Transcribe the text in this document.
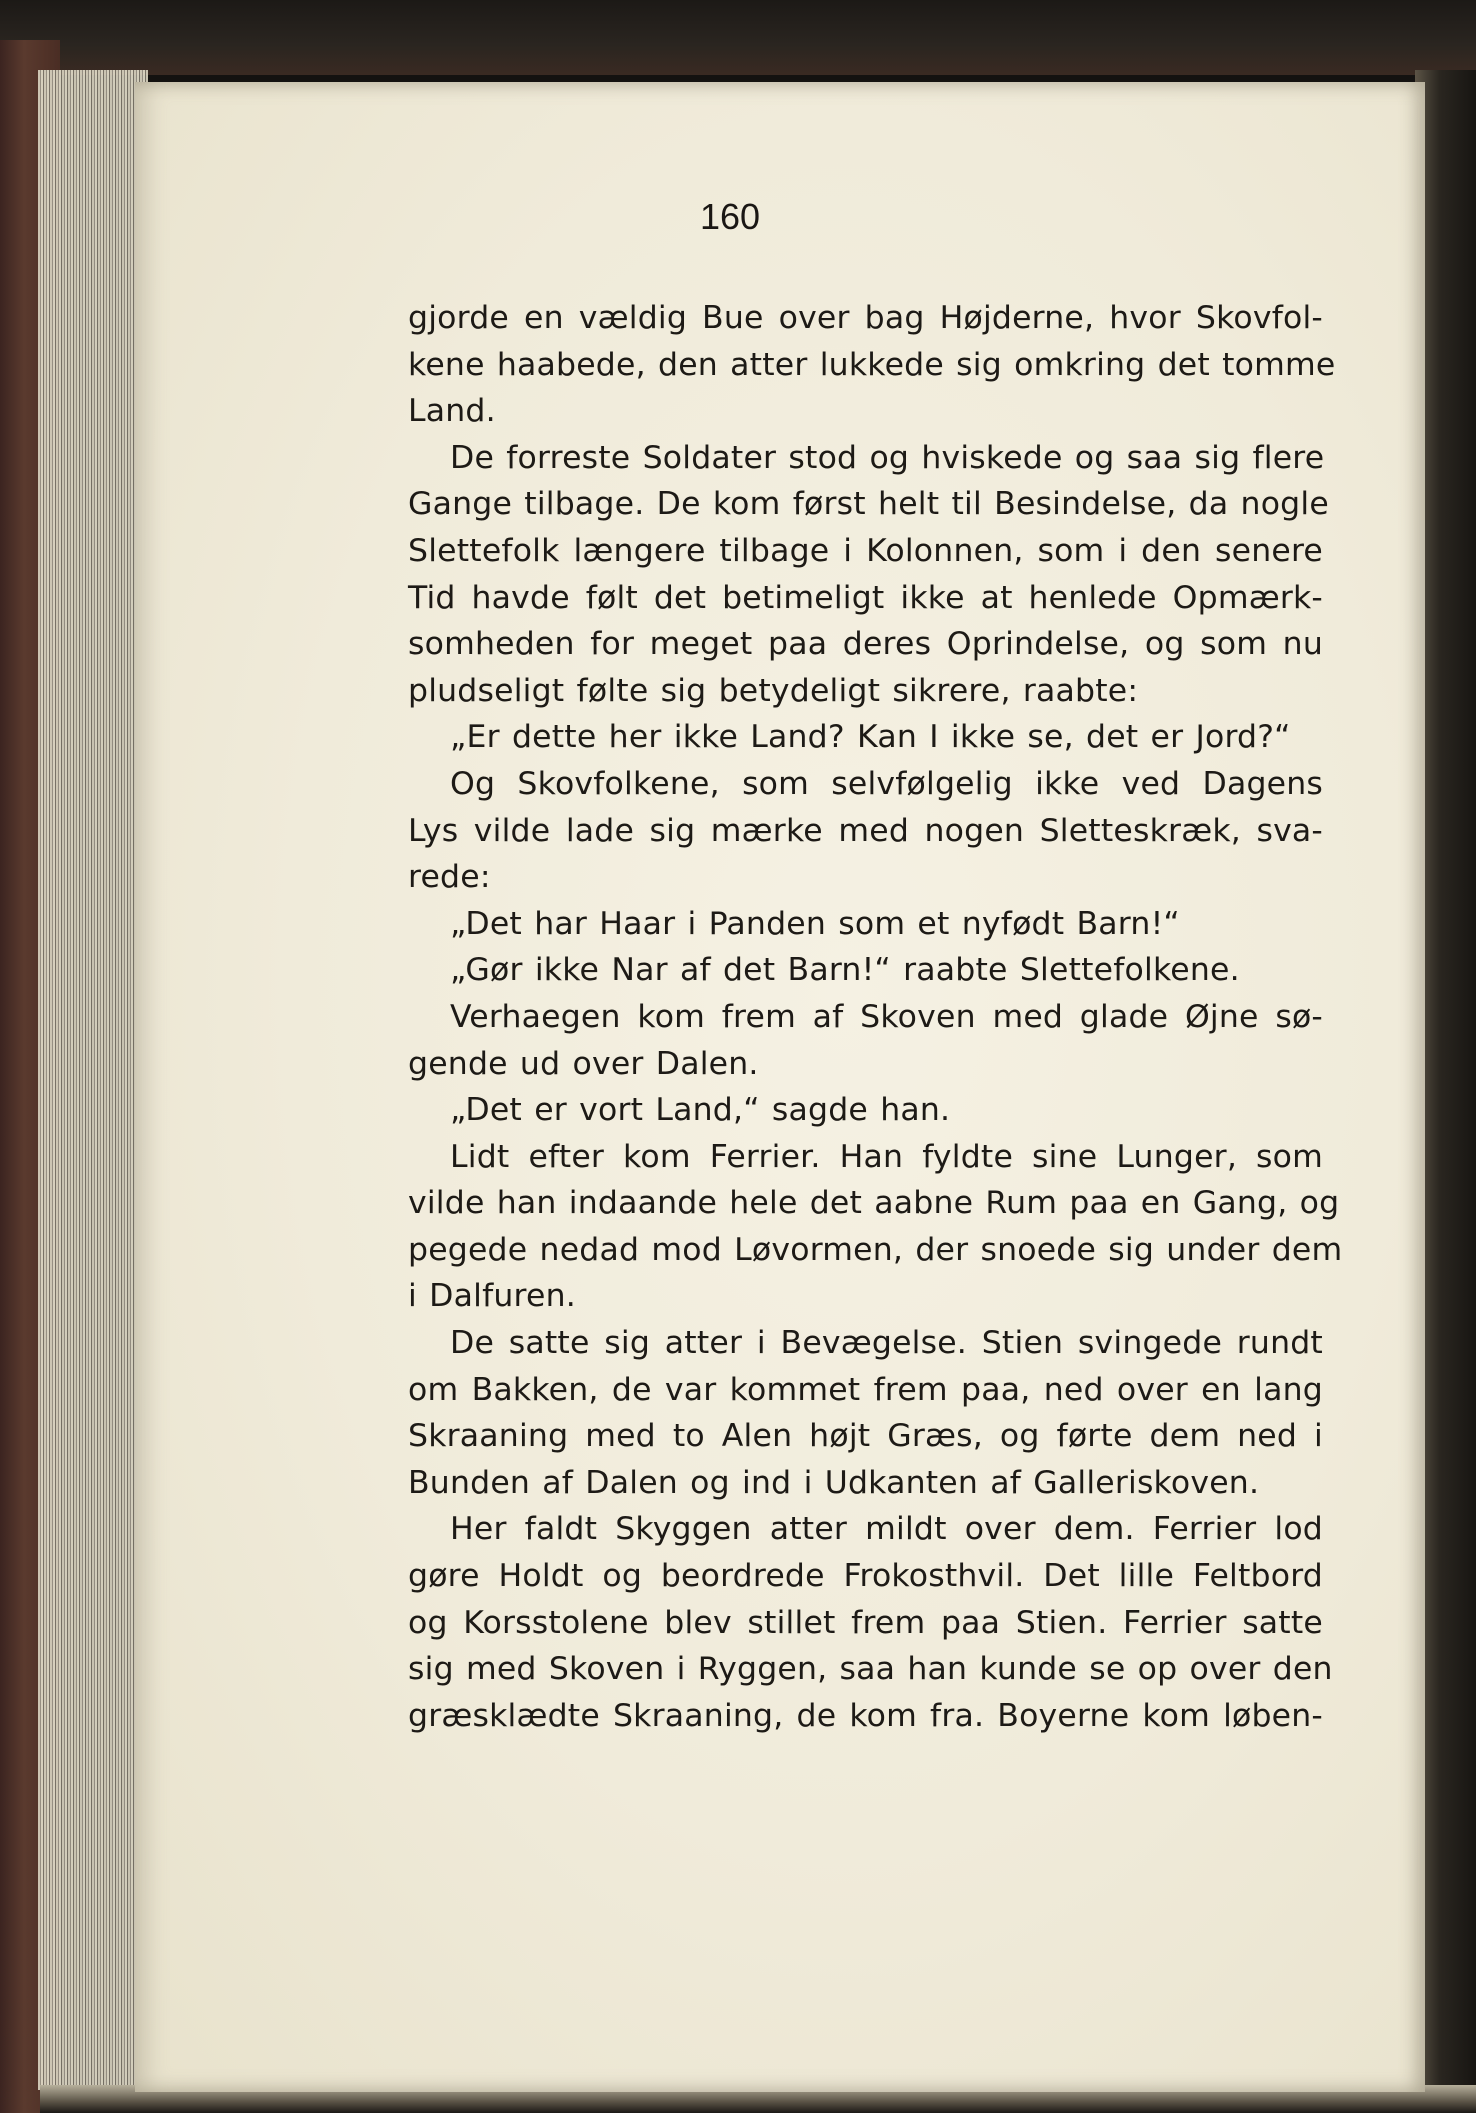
160
gjorde en vældig Bue over bag Højderne, hvor Skovfol-
kene haabede, den atter lukkede sig omkring det tomme
Land.
De forreste Soldater stod og hviskede og saa sig flere
Gange tilbage. De kom først helt til Besindelse, da nogle
Slettefolk længere tilbage i Kolonnen, som i den senere
Tid havde følt det betimeligt ikke at henlede Opmærk-
somheden for meget paa deres Oprindelse, og som nu
pludseligt følte sig betydeligt sikrere, raabte:
„Er dette her ikke Land? Kan I ikke se, det er Jord?“
Og Skovfolkene, som selvfølgelig ikke ved Dagens
Lys vilde lade sig mærke med nogen Sletteskræk, sva-
rede:
„Det har Haar i Panden som et nyfødt Barn!“
„Gør ikke Nar af det Barn!“ raabte Slettefolkene.
Verhaegen kom frem af Skoven med glade Øjne sø-
gende ud over Dalen.
„Det er vort Land,“ sagde han.
Lidt efter kom Ferrier. Han fyldte sine Lunger, som
vilde han indaande hele det aabne Rum paa en Gang, og
pegede nedad mod Løvormen, der snoede sig under dem
i Dalfuren.
De satte sig atter i Bevægelse. Stien svingede rundt
om Bakken, de var kommet frem paa, ned over en lang
Skraaning med to Alen højt Græs, og førte dem ned i
Bunden af Dalen og ind i Udkanten af Galleriskoven.
Her faldt Skyggen atter mildt over dem. Ferrier lod
gøre Holdt og beordrede Frokosthvil. Det lille Feltbord
og Korsstolene blev stillet frem paa Stien. Ferrier satte
sig med Skoven i Ryggen, saa han kunde se op over den
græsklædte Skraaning, de kom fra. Boyerne kom løben-
